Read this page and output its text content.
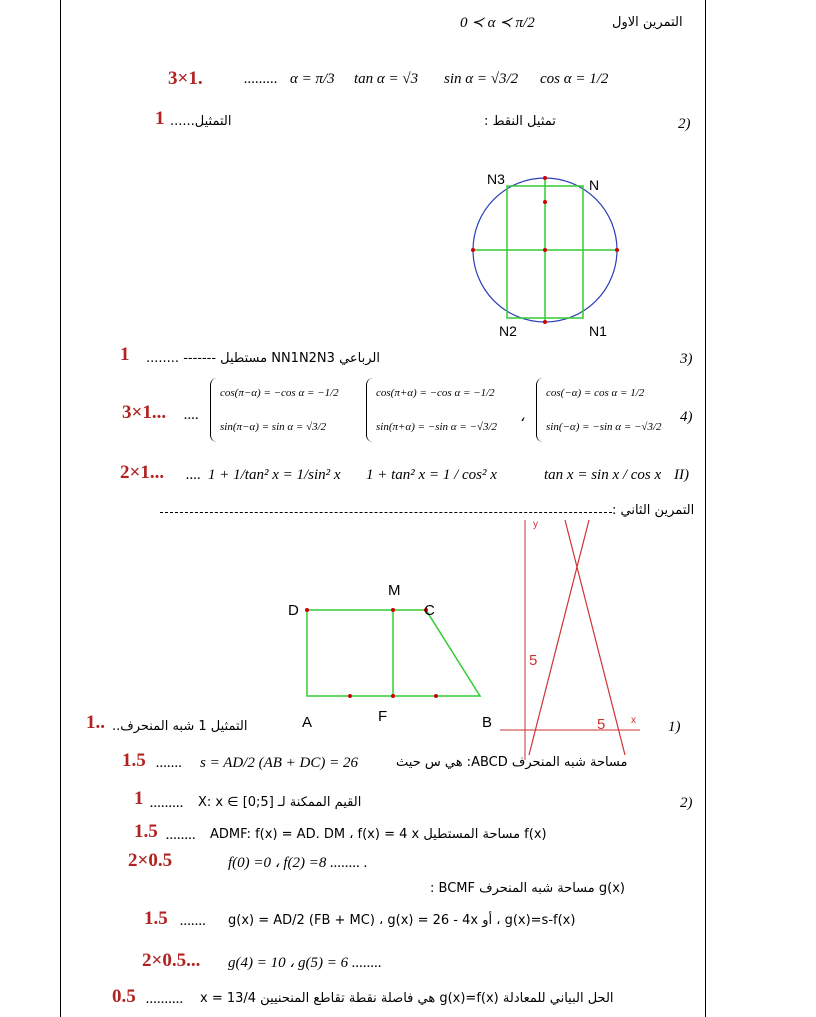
التمرين الاول
0 ≺ α ≺ π/2
3×1.	......... α = π/3 tan α = √3 sin α = √3/2 cos α = 1/2
2)
تمثيل النقط :
1 التمثيل......
N
N1
N2
N3
3)
الرباعي NN1N2N3 مستطيل ------- ........
1
4)
3×1... ....
cos(−α) = cos α = 1/2
sin(−α) = −sin α = −√3/2
،
cos(π+α) = −cos α = −1/2
sin(π+α) = −sin α = −√3/2
cos(π−α) = −cos α = −1/2
sin(π−α) = sin α = √3/2
II)
2×1... .... 1 + 1/tan² x = 1/sin² x 1 + tan² x = 1 / cos² x	tan x = sin x / cos x
التمرين الثاني :
D
M
C
A	F	B
y
x
5
5	1)
1.. التمثيل 1 شبه المنحرف..
1.5 ....... s = AD/2 (AB + DC) = 26	مساحة شبه المنحرف ABCD: هي س حيث
2)
1 ......... القيم الممكنة لـ X: x ∈ [0;5]
1.5 ........ f(x) مساحة المستطيل ADMF: f(x) = AD. DM ، f(x) = 4 x
2×0.5	f(0) =0 ، f(2) =8 ........ .
g(x) مساحة شبه المنحرف BCMF :
1.5 ....... g(x)=s-f(x) ، أو g(x) = AD/2 (FB + MC) ، g(x) = 26 - 4x
2×0.5... g(4) = 10 ، g(5) = 6 ........
0.5 .......... الحل البياني للمعادلة g(x)=f(x) هي فاصلة نقطة تقاطع المنحنيين x = 13/4
